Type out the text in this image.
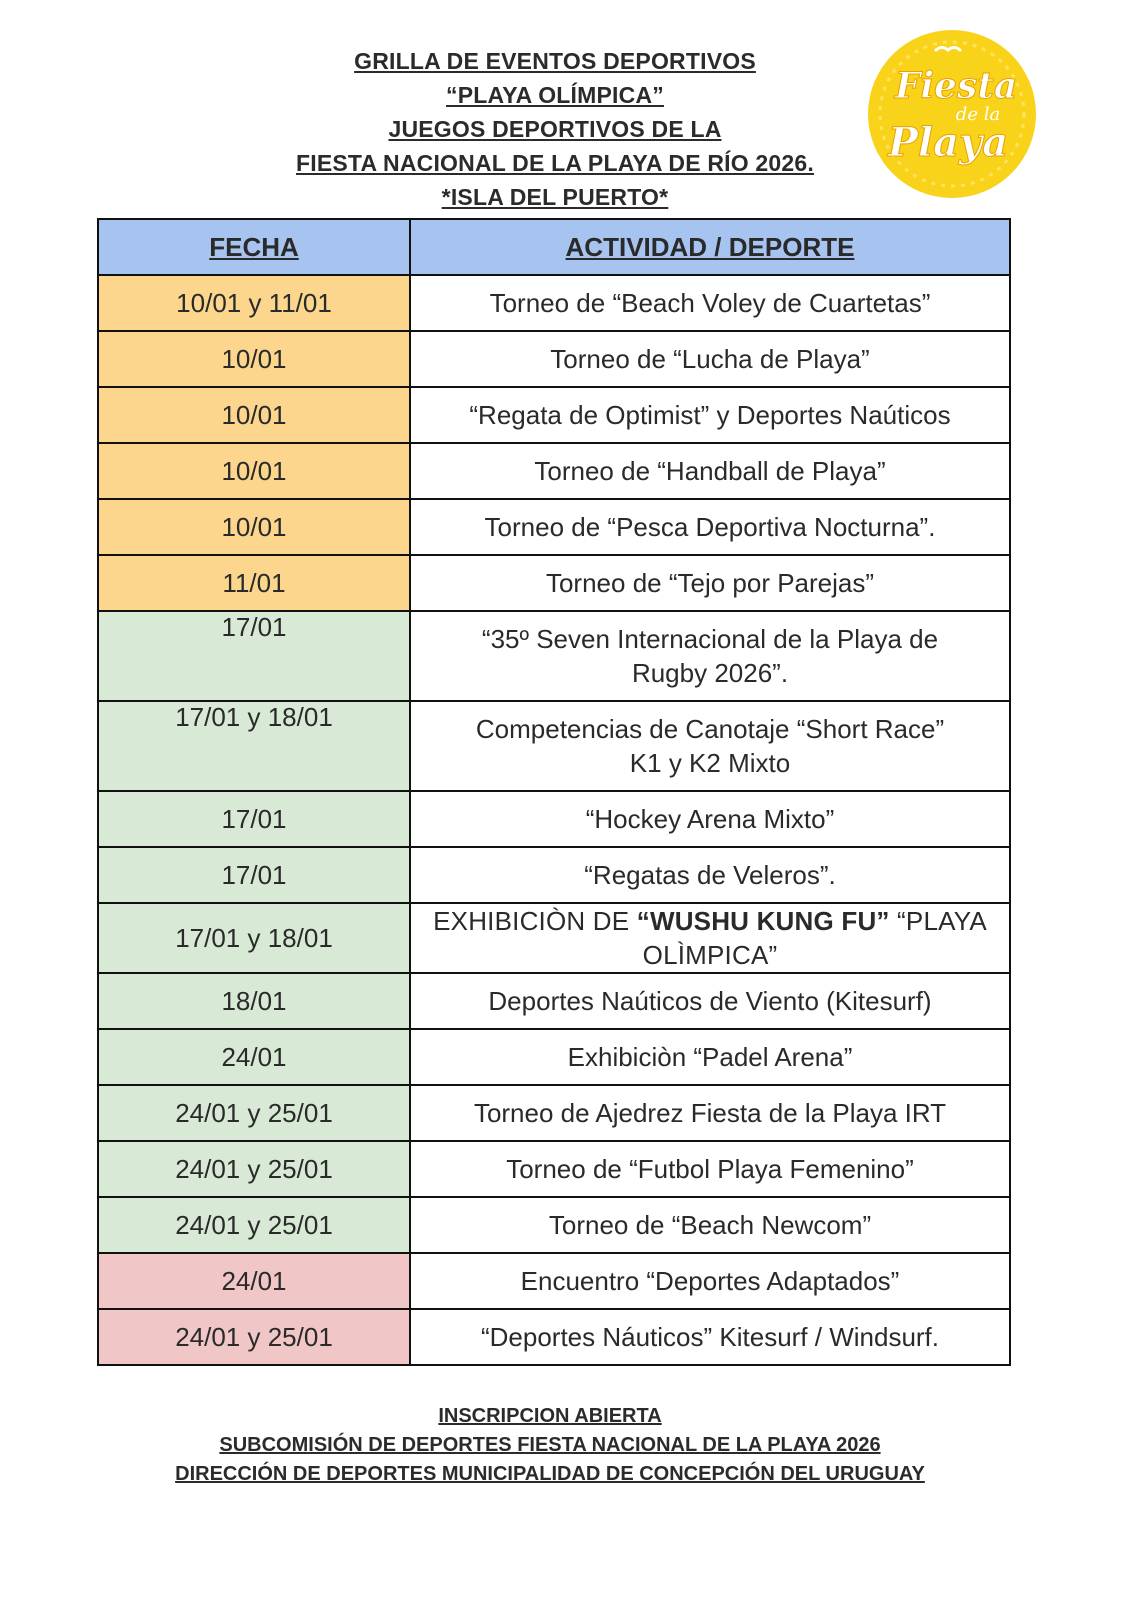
GRILLA DE EVENTOS DEPORTIVOS
“PLAYA OLÍMPICA”
JUEGOS DEPORTIVOS DE LA
FIESTA NACIONAL DE LA PLAYA DE RÍO 2026.
*ISLA DEL PUERTO*
Fiesta
de la
Playa
FECHA	ACTIVIDAD / DEPORTE
10/01 y 11/01	Torneo de “Beach Voley de Cuartetas”
10/01	Torneo de “Lucha de Playa”
10/01	“Regata de Optimist” y Deportes Naúticos
10/01	Torneo de “Handball de Playa”
10/01	Torneo de “Pesca Deportiva Nocturna”.
11/01	Torneo de “Tejo por Parejas”
17/01	“35º Seven Internacional de la Playa de
Rugby 2026”.

17/01 y 18/01	Competencias de Canotaje “Short Race”
K1 y K2 Mixto

17/01	“Hockey Arena Mixto”
17/01	“Regatas de Veleros”.
17/01 y 18/01	EXHIBICIÒN DE “WUSHU KUNG FU” “PLAYA OLÌMPICA”
18/01	Deportes Naúticos de Viento (Kitesurf)
24/01	Exhibiciòn “Padel Arena”
24/01 y 25/01	Torneo de Ajedrez Fiesta de la Playa IRT
24/01 y 25/01	Torneo de “Futbol Playa Femenino”
24/01 y 25/01	Torneo de “Beach Newcom”
24/01	Encuentro “Deportes Adaptados”
24/01 y 25/01	“Deportes Náuticos” Kitesurf / Windsurf.
INSCRIPCION ABIERTA
SUBCOMISIÓN DE DEPORTES FIESTA NACIONAL DE LA PLAYA 2026
DIRECCIÓN DE DEPORTES MUNICIPALIDAD DE CONCEPCIÓN DEL URUGUAY
